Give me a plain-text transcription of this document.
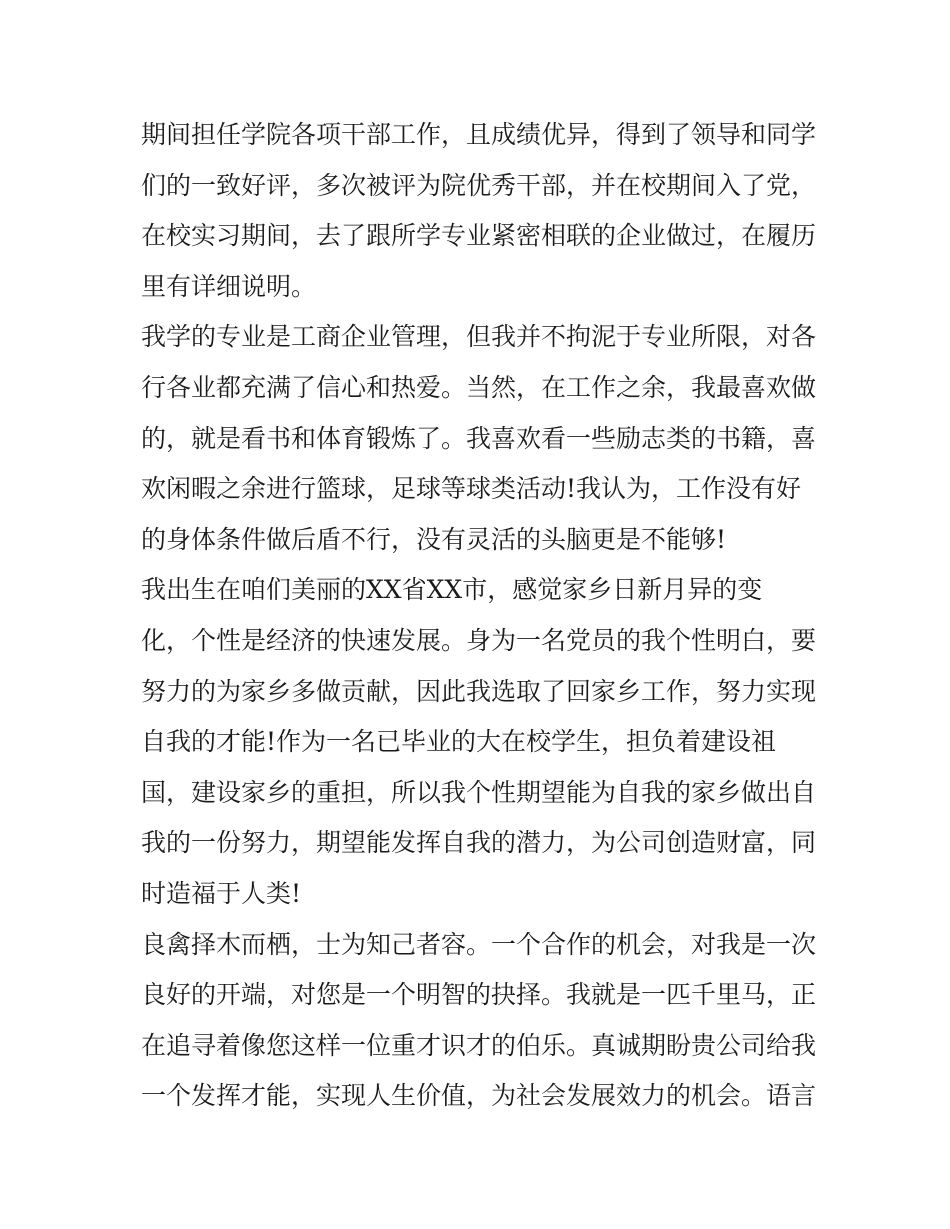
期间担任学院各项干部工作，且成绩优异，得到了领导和同学

们的一致好评，多次被评为院优秀干部，并在校期间入了党，

在校实习期间，去了跟所学专业紧密相联的企业做过，在履历

里有详细说明。

我学的专业是工商企业管理，但我并不拘泥于专业所限，对各

行各业都充满了信心和热爱。当然，在工作之余，我最喜欢做

的，就是看书和体育锻炼了。我喜欢看一些励志类的书籍，喜

欢闲暇之余进行篮球，足球等球类活动!我认为，工作没有好

的身体条件做后盾不行，没有灵活的头脑更是不能够!

我出生在咱们美丽的XX省XX市，感觉家乡日新月异的变

化，个性是经济的快速发展。身为一名党员的我个性明白，要

努力的为家乡多做贡献，因此我选取了回家乡工作，努力实现

自我的才能!作为一名已毕业的大在校学生，担负着建设祖

国，建设家乡的重担，所以我个性期望能为自我的家乡做出自

我的一份努力，期望能发挥自我的潜力，为公司创造财富，同

时造福于人类!

良禽择木而栖，士为知己者容。一个合作的机会，对我是一次

良好的开端，对您是一个明智的抉择。我就是一匹千里马，正

在追寻着像您这样一位重才识才的伯乐。真诚期盼贵公司给我

一个发挥才能，实现人生价值，为社会发展效力的机会。语言
